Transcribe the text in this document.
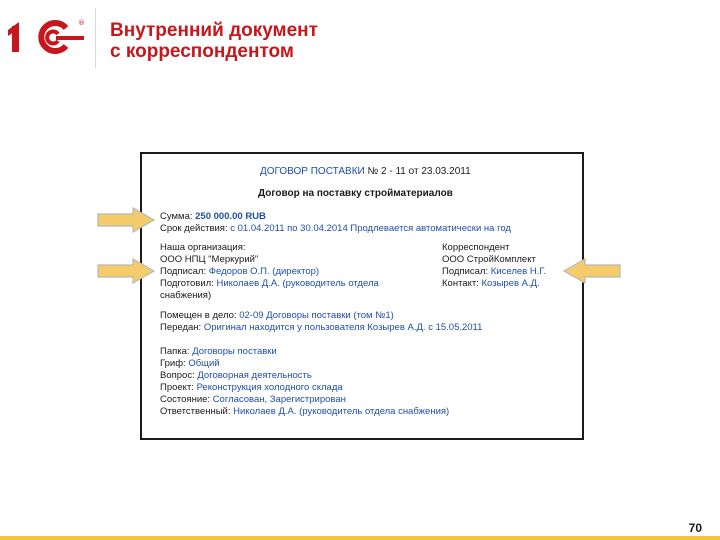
® Внутренний документ
с корреспондентом
ДОГОВОР ПОСТАВКИ № 2 - 11 от 23.03.2011
Договор на поставку стройматериалов
Сумма: 250 000.00 RUB
Срок действия: с 01.04.2011 по 30.04.2014 Продлевается автоматически на год
Наша организация:
ООО НПЦ "Меркурий"
Подписал: Федоров О.П. (директор)
Подготовил: Николаев Д.А. (руководитель отдела
снабжения)
Корреспондент
ООО СтройКомплект
Подписал: Киселев Н.Г.
Контакт: Козырев А.Д.
Помещен в дело: 02-09 Договоры поставки (том №1)
Передан: Оригинал находится у пользователя Козырев А.Д. с 15.05.2011
Папка: Договоры поставки
Гриф: Общий
Вопрос: Договорная деятельность
Проект: Реконструкция холодного склада
Состояние: Согласован, Зарегистрирован
Ответственный: Николаев Д.А. (руководитель отдела снабжения)
70
